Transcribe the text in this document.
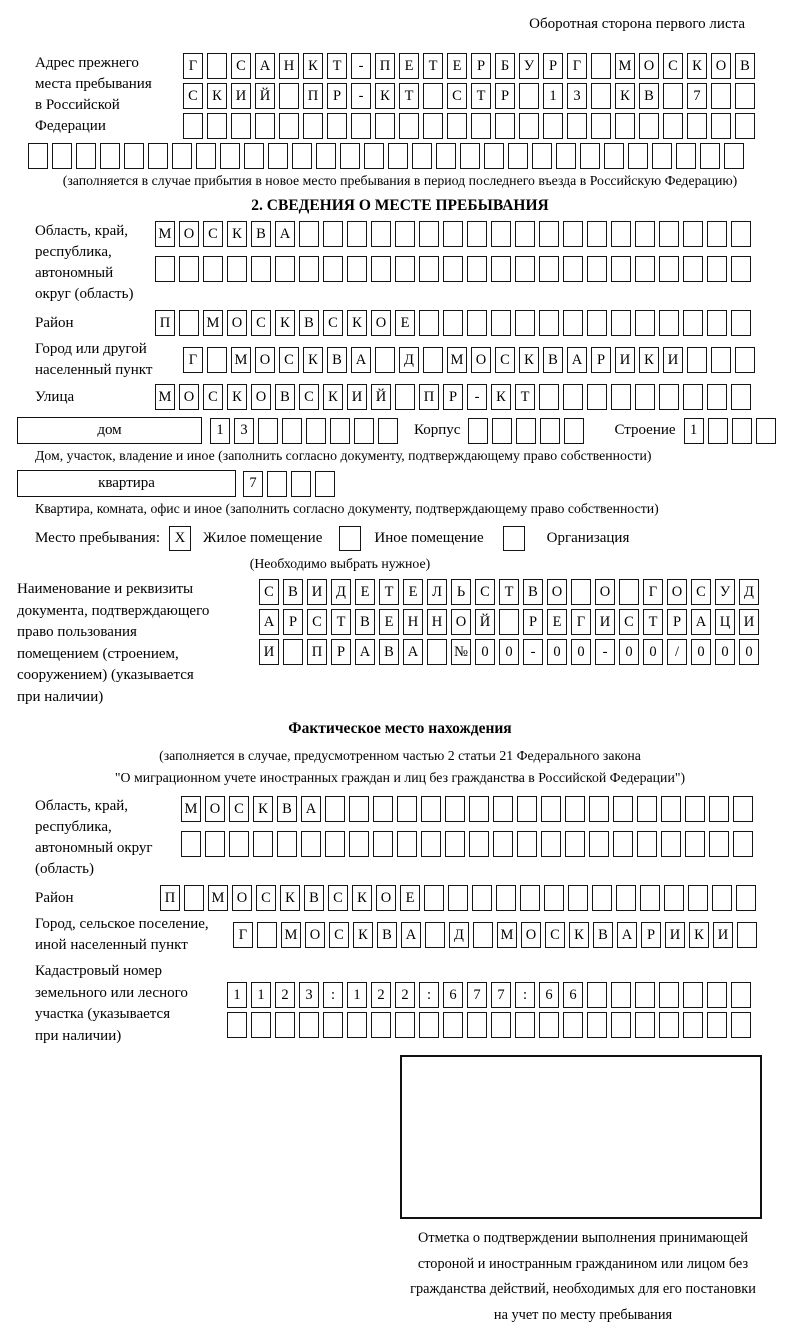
Оборотная сторона первого листа
Адрес прежнего
места пребывания
в Российской
Федерации
Г	С А Н К	Т	-	П Е	Т	Е	Р	Б	У	Р	Г	М О С К О В
С К И Й	П	Р	-	К	Т	С	Т	Р	1	3	К В	7
(заполняется в случае прибытия в новое место пребывания в период последнего въезда в Российскую Федерацию)
2. СВЕДЕНИЯ О МЕСТЕ ПРЕБЫВАНИЯ
Область, край,
республика,
автономный
округ (область)
М О С К В А
Район	П	М О С К В С К О Е
Город или другой
населенный пункт
Г	М О С К В А	Д	М О С К В А	Р	И К И
Улица	М О С К О В С К И Й	П	Р	-	К	Т
дом	1	3	Корпус	Строение 1
Дом, участок, владение и иное (заполнить согласно документу, подтверждающему право собственности)
квартира	7
Квартира, комната, офис и иное (заполнить согласно документу, подтверждающему право собственности)
Место пребывания:	X	Жилое помещение	Иное помещение	Организация
(Необходимо выбрать нужное)
Наименование и реквизиты
документа, подтверждающего
право пользования
помещением (строением,
сооружением) (указывается
при наличии)
С В И Д	Е	Т	Е	Л	Ь	С	Т	В О	О	Г	О С У Д
А	Р	С	Т	В	Е Н Н О Й	Р	Е	Г	И С	Т	Р	А Ц И
И	П	Р	А В А	№ 0	0	-	0	0	-	0	0	/	0	0	0
Фактическое место нахождения
(заполняется в случае, предусмотренном частью 2 статьи 21 Федерального закона
"О миграционном учете иностранных граждан и лиц без гражданства в Российской Федерации")
Область, край,
республика,
автономный округ
(область)
М О С К В А
Район	П	М О С К В С К О Е
Город, сельское поселение,
иной населенный пункт
Г	М О С К В А	Д	М О С К В А	Р	И К И
Кадастровый номер
земельного или лесного
участка (указывается
при наличии)
1	1	2	3	:	1	2	2	:	6	7	7	:	6	6
Отметка о подтверждении выполнения принимающей
стороной и иностранным гражданином или лицом без
гражданства действий, необходимых для его постановки
на учет по месту пребывания
